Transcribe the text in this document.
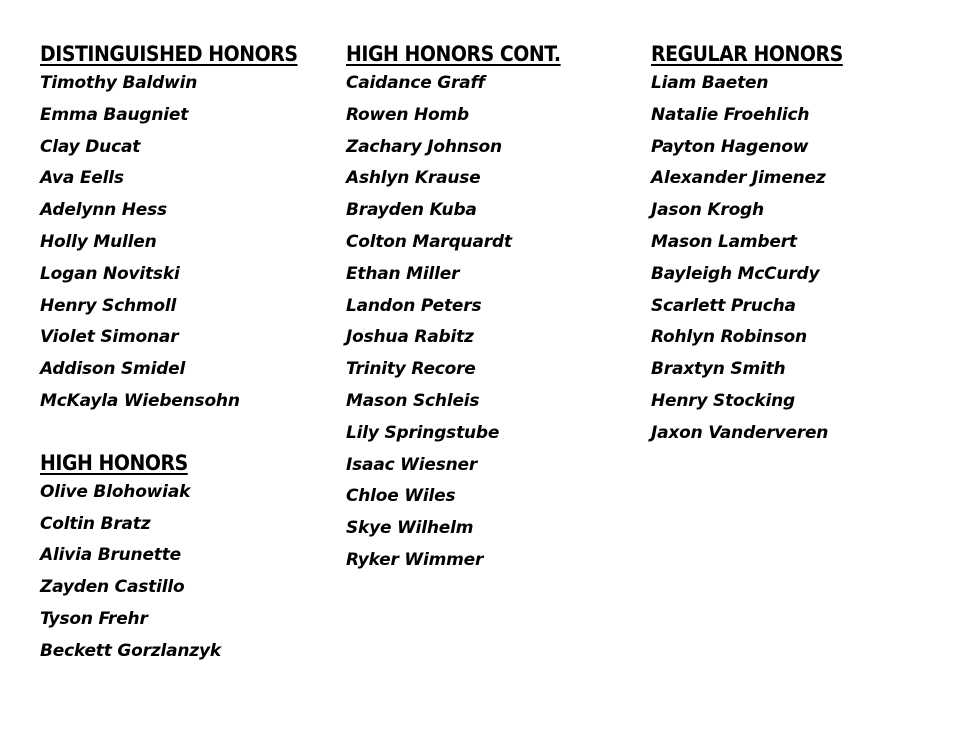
DISTINGUISHED HONORS
Timothy Baldwin
Emma Baugniet
Clay Ducat
Ava Eells
Adelynn Hess
Holly Mullen
Logan Novitski
Henry Schmoll
Violet Simonar
Addison Smidel
McKayla Wiebensohn
HIGH HONORS
Olive Blohowiak
Coltin Bratz
Alivia Brunette
Zayden Castillo
Tyson Frehr
Beckett Gorzlanzyk
HIGH HONORS CONT.
Caidance Graff
Rowen Homb
Zachary Johnson
Ashlyn Krause
Brayden Kuba
Colton Marquardt
Ethan Miller
Landon Peters
Joshua Rabitz
Trinity Recore
Mason Schleis
Lily Springstube
Isaac Wiesner
Chloe Wiles
Skye Wilhelm
Ryker Wimmer
REGULAR HONORS
Liam Baeten
Natalie Froehlich
Payton Hagenow
Alexander Jimenez
Jason Krogh
Mason Lambert
Bayleigh McCurdy
Scarlett Prucha
Rohlyn Robinson
Braxtyn Smith
Henry Stocking
Jaxon Vanderveren
